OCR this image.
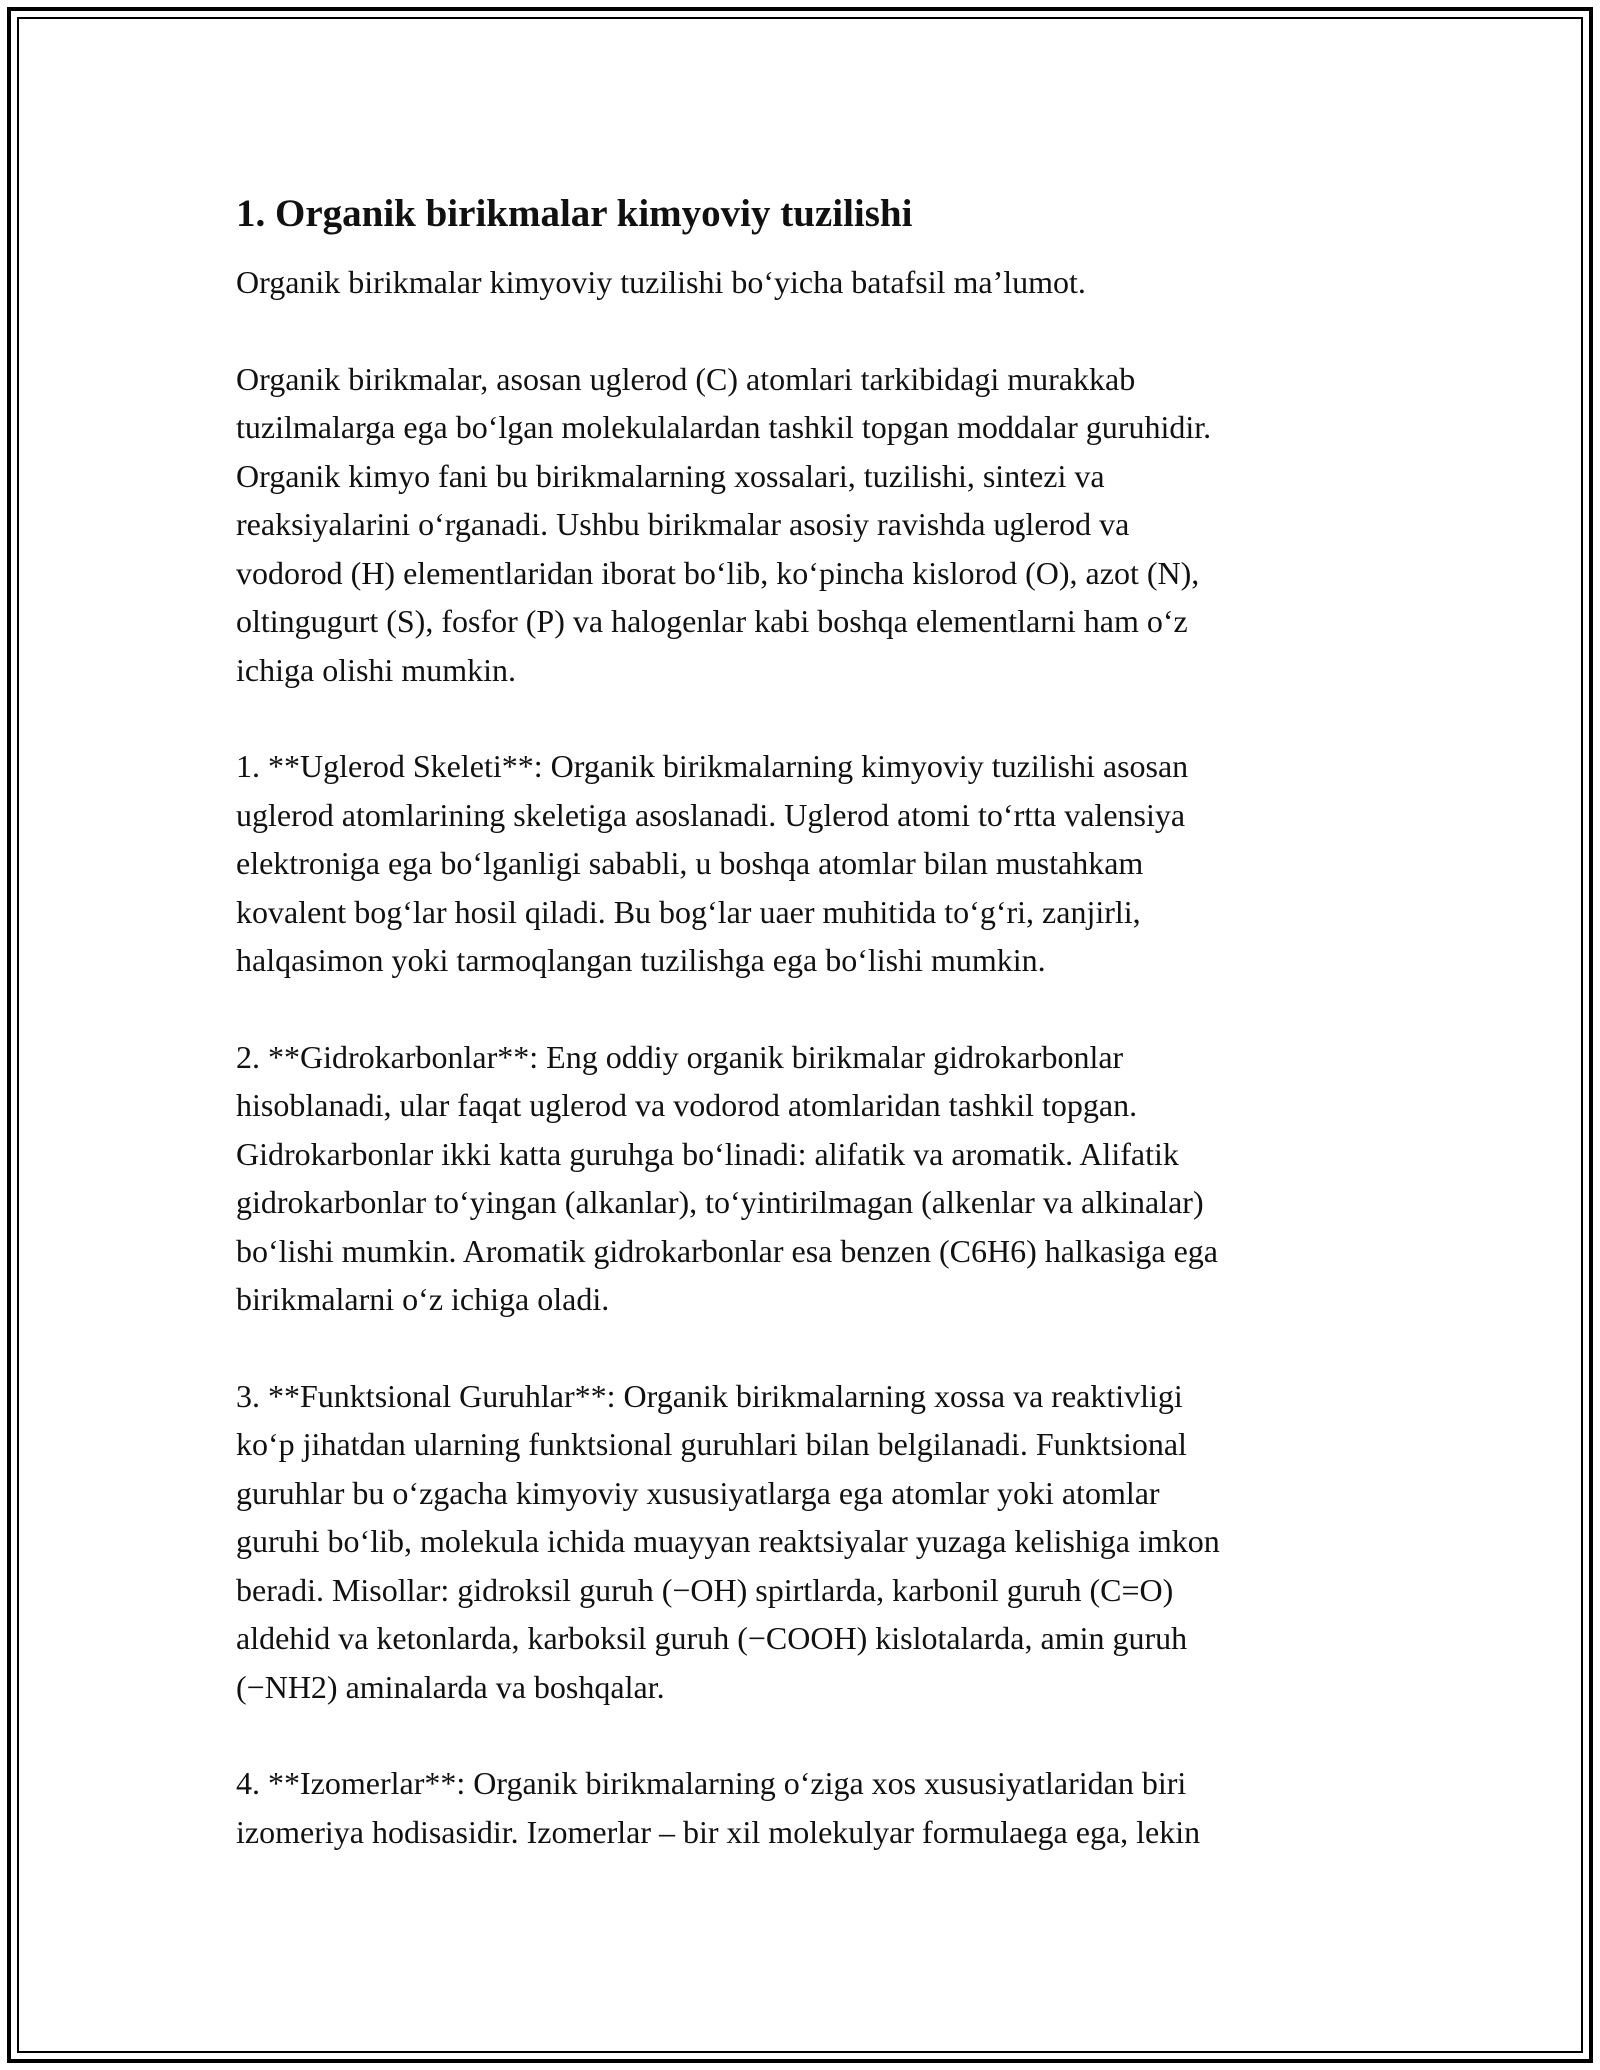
1. Organik birikmalar kimyoviy tuzilishi

Organik birikmalar kimyoviy tuzilishi bo‘yicha batafsil ma’lumot.

Organik birikmalar, asosan uglerod (C) atomlari tarkibidagi murakkab
tuzilmalarga ega bo‘lgan molekulalardan tashkil topgan moddalar guruhidir.
Organik kimyo fani bu birikmalarning xossalari, tuzilishi, sintezi va
reaksiyalarini o‘rganadi. Ushbu birikmalar asosiy ravishda uglerod va
vodorod (H) elementlaridan iborat bo‘lib, ko‘pincha kislorod (O), azot (N),
oltingugurt (S), fosfor (P) va halogenlar kabi boshqa elementlarni ham o‘z
ichiga olishi mumkin.

1. **Uglerod Skeleti**: Organik birikmalarning kimyoviy tuzilishi asosan
uglerod atomlarining skeletiga asoslanadi. Uglerod atomi to‘rtta valensiya
elektroniga ega bo‘lganligi sababli, u boshqa atomlar bilan mustahkam
kovalent bog‘lar hosil qiladi. Bu bog‘lar uaer muhitida to‘g‘ri, zanjirli,
halqasimon yoki tarmoqlangan tuzilishga ega bo‘lishi mumkin.

2. **Gidrokarbonlar**: Eng oddiy organik birikmalar gidrokarbonlar
hisoblanadi, ular faqat uglerod va vodorod atomlaridan tashkil topgan.
Gidrokarbonlar ikki katta guruhga bo‘linadi: alifatik va aromatik. Alifatik
gidrokarbonlar to‘yingan (alkanlar), to‘yintirilmagan (alkenlar va alkinalar)
bo‘lishi mumkin. Aromatik gidrokarbonlar esa benzen (C6H6) halkasiga ega
birikmalarni o‘z ichiga oladi.

3. **Funktsional Guruhlar**: Organik birikmalarning xossa va reaktivligi
ko‘p jihatdan ularning funktsional guruhlari bilan belgilanadi. Funktsional
guruhlar bu o‘zgacha kimyoviy xususiyatlarga ega atomlar yoki atomlar
guruhi bo‘lib, molekula ichida muayyan reaktsiyalar yuzaga kelishiga imkon
beradi. Misollar: gidroksil guruh (−OH) spirtlarda, karbonil guruh (C=O)
aldehid va ketonlarda, karboksil guruh (−COOH) kislotalarda, amin guruh
(−NH2) aminalarda va boshqalar.

4. **Izomerlar**: Organik birikmalarning o‘ziga xos xususiyatlaridan biri
izomeriya hodisasidir. Izomerlar – bir xil molekulyar formulaega ega, lekin
